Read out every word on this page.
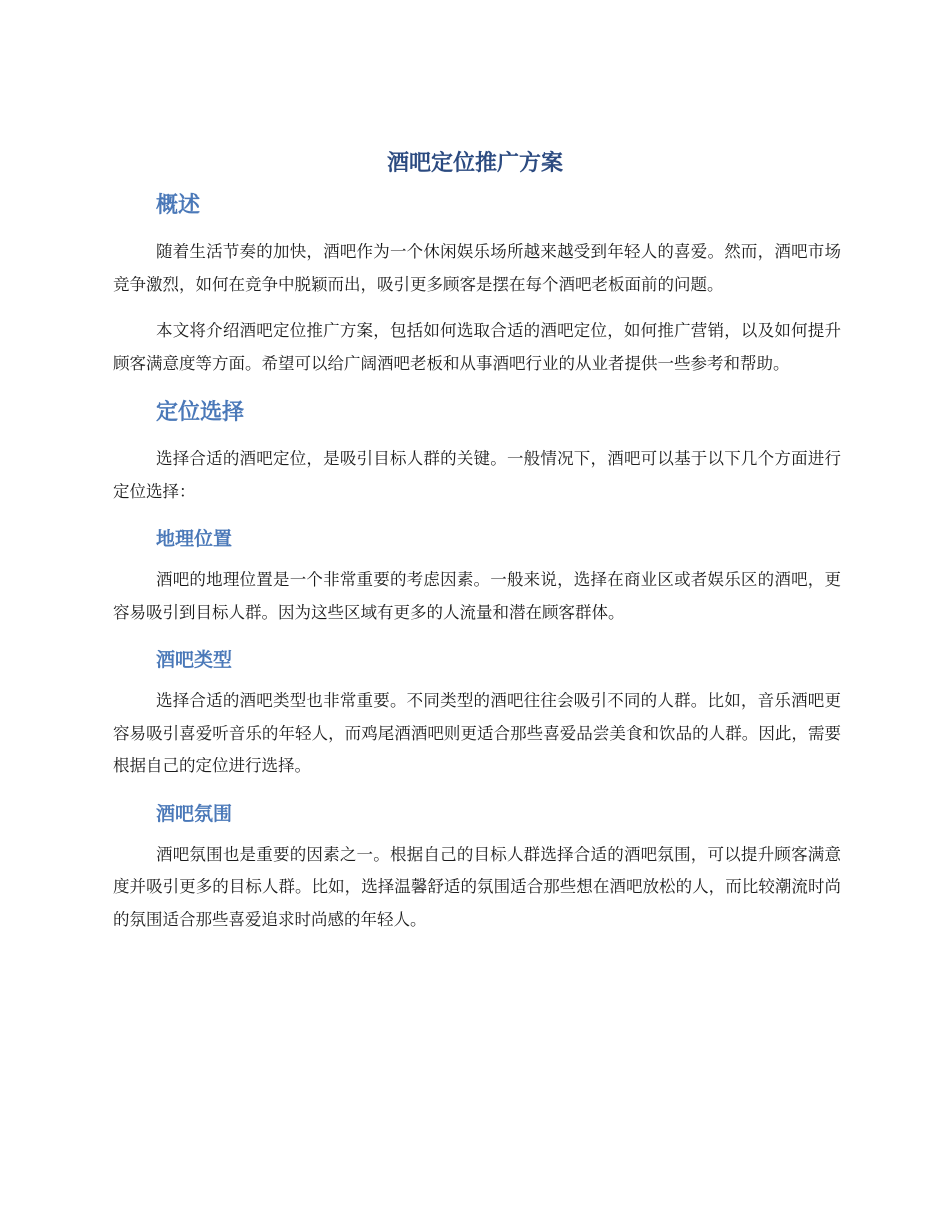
酒吧定位推广方案
概述

随着生活节奏的加快，酒吧作为一个休闲娱乐场所越来越受到年轻人的喜爱。然而，酒吧市场竞争激烈，如何在竞争中脱颖而出，吸引更多顾客是摆在每个酒吧老板面前的问题。

本文将介绍酒吧定位推广方案，包括如何选取合适的酒吧定位，如何推广营销，以及如何提升顾客满意度等方面。希望可以给广阔酒吧老板和从事酒吧行业的从业者提供一些参考和帮助。

定位选择

选择合适的酒吧定位，是吸引目标人群的关键。一般情况下，酒吧可以基于以下几个方面进行定位选择：

地理位置

酒吧的地理位置是一个非常重要的考虑因素。一般来说，选择在商业区或者娱乐区的酒吧，更容易吸引到目标人群。因为这些区域有更多的人流量和潜在顾客群体。

酒吧类型

选择合适的酒吧类型也非常重要。不同类型的酒吧往往会吸引不同的人群。比如，音乐酒吧更容易吸引喜爱听音乐的年轻人，而鸡尾酒酒吧则更适合那些喜爱品尝美食和饮品的人群。因此，需要根据自己的定位进行选择。

酒吧氛围

酒吧氛围也是重要的因素之一。根据自己的目标人群选择合适的酒吧氛围，可以提升顾客满意度并吸引更多的目标人群。比如，选择温馨舒适的氛围适合那些想在酒吧放松的人，而比较潮流时尚的氛围适合那些喜爱追求时尚感的年轻人。
